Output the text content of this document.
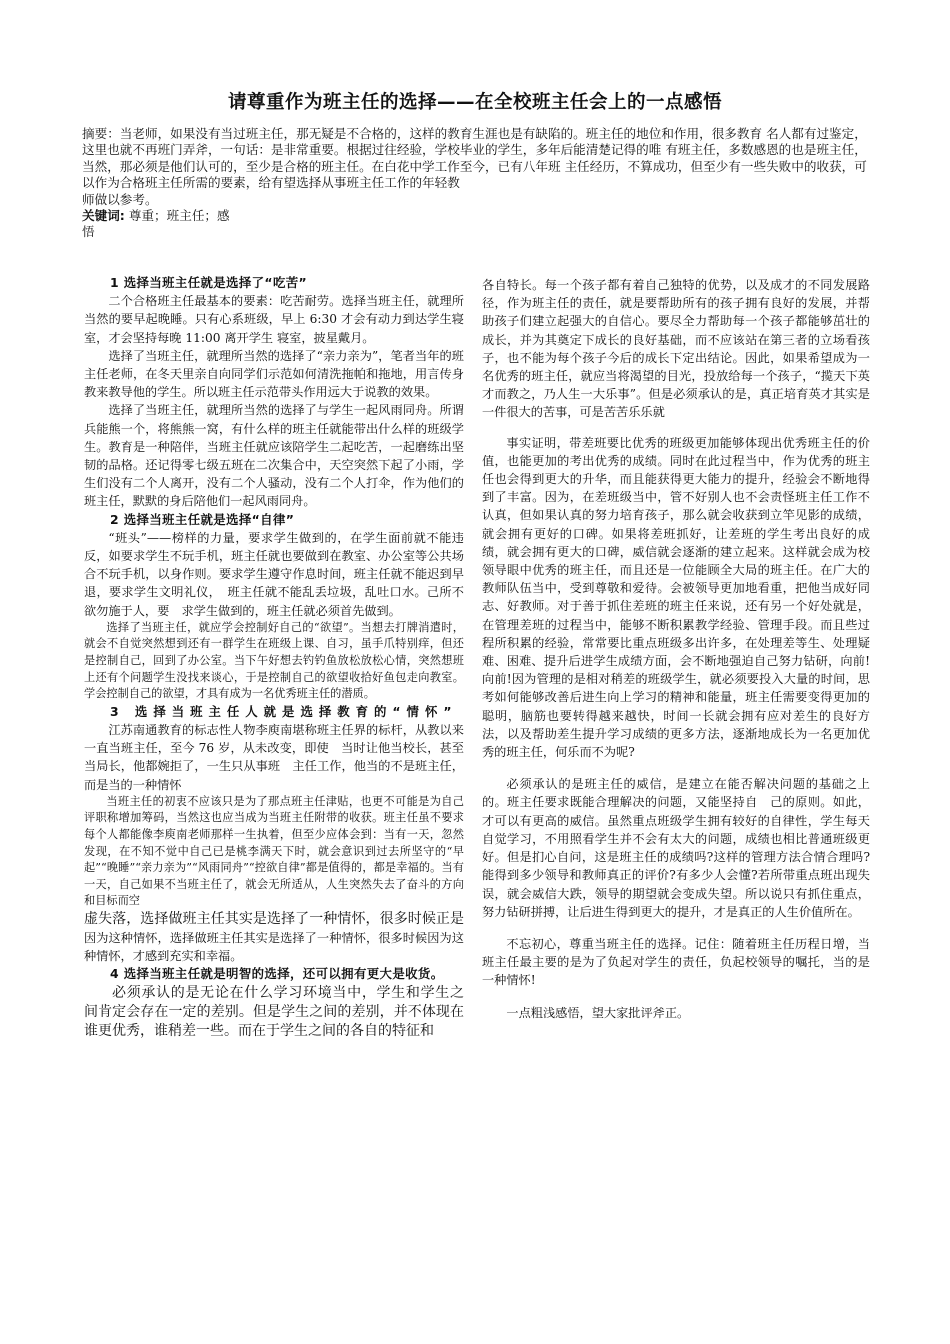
请尊重作为班主任的选择——在全校班主任会上的一点感悟

摘要：当老师，如果没有当过班主任，那无疑是不合格的，这样的教育生涯也是有缺陷的。班主任的地位和作用，很多教育 名人都有过鉴定，这里也就不再班门弄斧，一句话：是非常重要。根据过往经验，学校毕业的学生，多年后能清楚记得的唯 有班主任，多数感恩的也是班主任，当然，那必须是他们认可的，至少是合格的班主任。在白花中学工作至今，已有八年班 主任经历，不算成功，但至少有一些失败中的收获，可以作为合格班主任所需的要素，给有望选择从事班主任工作的年轻教

师做以参考。

关键词: 尊重；班主任；感

悟

1 选择当班主任就是选择了“吃苦”

二个合格班主任最基本的要素：吃苦耐劳。选择当班主任，就理所当然的要早起晚睡。只有心系班级，早上 6:30 才会有动力到达学生寝室，才会坚持每晚 11:00 离开学生 寝室，披星戴月。

选择了当班主任，就理所当然的选择了“亲力亲为”，笔者当年的班主任老师，在冬天里亲自向同学们示范如何清洗拖帕和拖地，用言传身教来教导他的学生。所以班主任示范带头作用远大于说教的效果。

选择了当班主任，就理所当然的选择了与学生一起风雨同舟。所谓兵能熊一个，将熊熊一窝，有什么样的班主任就能带出什么样的班级学生。教育是一种陪伴，当班主任就应该陪学生二起吃苦，一起磨练出坚韧的品格。还记得零七级五班在二次集合中，天空突然下起了小雨，学生们没有二个人离开，没有二个人骚动，没有二个人打伞，作为他们的班主任，默默的身后陪他们一起风雨同舟。

2 选择当班主任就是选择“自律”

“班头”——榜样的力量，要求学生做到的，在学生面前就不能违反，如要求学生不玩手机，班主任就也要做到在教室、办公室等公共场合不玩手机，以身作则。要求学生遵守作息时间，班主任就不能迟到早退，要求学生文明礼仪，　班主任就不能乱丢垃圾，乱吐口水。己所不欲勿施于人，要　求学生做到的，班主任就必须首先做到。

选择了当班主任，就应学会控制好自己的“欲望”。当想去打牌消遣时，就会不自觉突然想到还有一群学生在班级上课、自习，虽手爪特别痒，但还是控制自己，回到了办公室。当下午好想去钓钓鱼放松放松心情，突然想班上还有个问题学生没找来谈心，于是控制自己的欲望收拾好鱼包走向教室。学会控制自己的欲望，才具有成为一名优秀班主任的潜质。

3 选择当班主任人就是选择教育的“情怀”

江苏南通教育的标志性人物李庾南堪称班主任界的标杆，从教以来一直当班主任，至今 76 岁，从未改变，即使　当时让他当校长，甚至当局长，他都婉拒了，一生只从事班　主任工作，他当的不是班主任，而是当的一种情怀

当班主任的初衷不应该只是为了那点班主任津贴，也更不可能是为自己评职称增加筹码，当然这也应当成为当班主任附带的收获。班主任虽不要求每个人都能像李庾南老师那样一生执着，但至少应体会到：当有一天，忽然发现，在不知不觉中自己已是桃李满天下时，就会意识到过去所坚守的“早起”“晚睡”“亲力亲为”“风雨同舟”“控欲自律”都是值得的，都是幸福的。当有一天，自己如果不当班主任了，就会无所适从，人生突然失去了奋斗的方向和目标而空

虚失落，选择做班主任其实是选择了一种情怀，很多时候正是因为这种情怀，选择做班主任其实是选择了一种情怀，很多时候因为这种情怀，才感到充实和幸福。

4 选择当班主任就是明智的选择，还可以拥有更大是收货。

必须承认的是无论在什么学习环境当中，学生和学生之 间肯定会存在一定的差别。但是学生之间的差别，并不体现在谁更优秀，谁稍差一些。而在于学生之间的各自的特征和

各自特长。每一个孩子都有着自己独特的优势，以及成才的不同发展路径，作为班主任的责任，就是要帮助所有的孩子拥有良好的发展，并帮助孩子们建立起强大的自信心。要尽全力帮助每一个孩子都能够茁壮的成长，并为其奠定下成长的良好基础，而不应该站在第三者的立场看孩子，也不能为每个孩子今后的成长下定出结论。因此，如果希望成为一名优秀的班主任，就应当将渴望的目光，投放给每一个孩子，“揽天下英才而教之，乃人生一大乐事”。但是必须承认的是，真正培育英才其实是一件很大的苦事，可是苦苦乐乐就

事实证明，带差班要比优秀的班级更加能够体现出优秀班主任的价值，也能更加的考出优秀的成绩。同时在此过程当中，作为优秀的班主任也会得到更大的升华，而且能获得更大能力的提升，经验会不断地得到了丰富。因为，在差班级当中，管不好别人也不会责怪班主任工作不认真，但如果认真的努力培育孩子，那么就会收获到立竿见影的成绩，就会拥有更好的口碑。如果将差班抓好，让差班的学生考出良好的成绩，就会拥有更大的口碑，威信就会逐渐的建立起来。这样就会成为校领导眼中优秀的班主任，而且还是一位能顾全大局的班主任。在广大的教师队伍当中，受到尊敬和爱待。会被领导更加地看重，把他当成好同志、好教师。对于善于抓住差班的班主任来说，还有另一个好处就是，在管理差班的过程当中，能够不断积累教学经验、管理手段。而且些过程所积累的经验，常常要比重点班级多出许多，在处理差等生、处理疑难、困难、提升后进学生成绩方面，会不断地强迫自己努力钻研，向前!向前!因为管理的是相对稍差的班级学生，就必须要投入大量的时间，思考如何能够改善后进生向上学习的精神和能量，班主任需要变得更加的聪明，脑筋也要转得越来越快，时间一长就会拥有应对差生的良好方法，以及帮助差生提升学习成绩的更多方法，逐渐地成长为一名更加优秀的班主任，何乐而不为呢?

必须承认的是班主任的威信，是建立在能否解决问题的基础之上的。班主任要求既能合理解决的问题，又能坚持自　己的原则。如此，才可以有更高的威信。虽然重点班级学生拥有较好的自律性，学生每天自觉学习，不用照看学生并不会有太大的问题，成绩也相比普通班级更好。但是扪心自问，这是班主任的成绩吗?这样的管理方法合情合理吗?能得到多少领导和教师真正的评价?有多少人会懂?若所带重点班出现失误，就会威信大跌，领导的期望就会变成失望。所以说只有抓住重点，努力钻研拼搏，让后进生得到更大的提升，才是真正的人生价值所在。

不忘初心，尊重当班主任的选择。记住：随着班主任历程日增，当班主任最主要的是为了负起对学生的责任，负起校领导的嘱托，当的是一种情怀!

一点粗浅感悟，望大家批评斧正。
